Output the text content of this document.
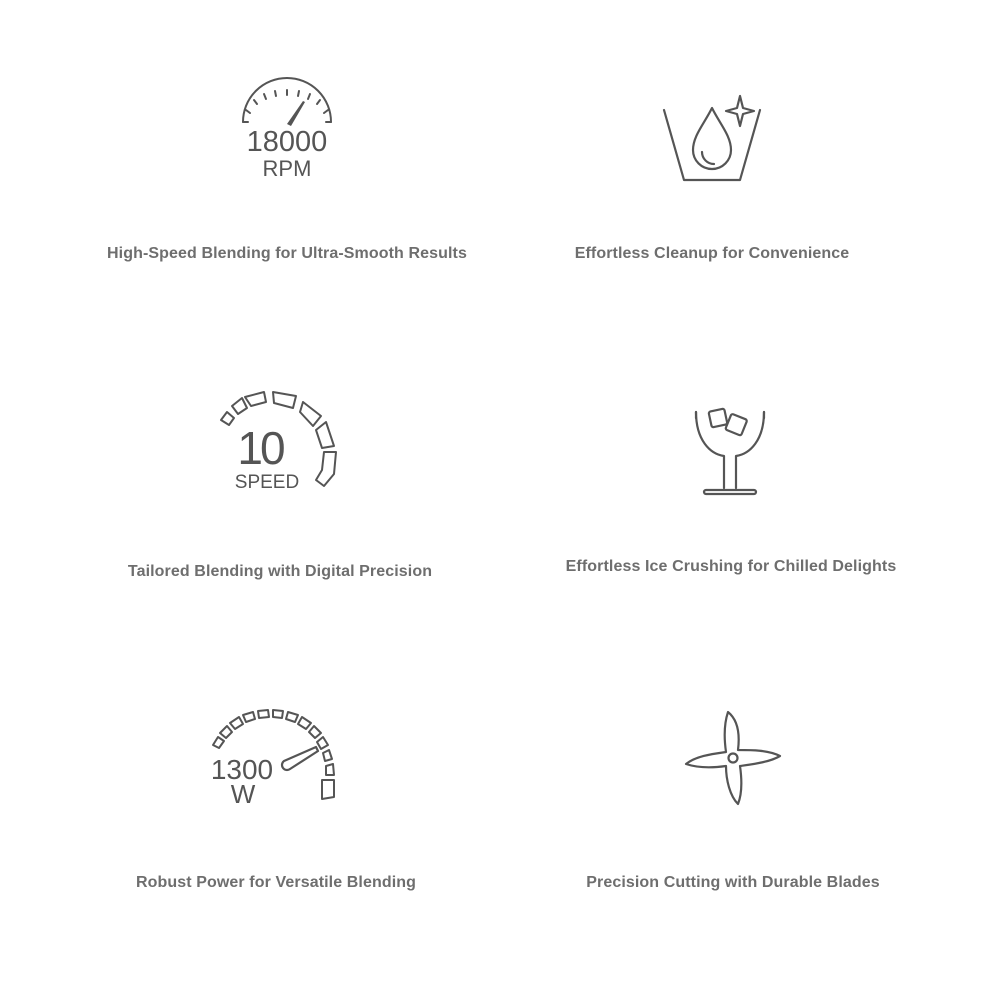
18000
RPM
High-Speed Blending for Ultra-Smooth Results	Effortless Cleanup for Convenience
10
SPEED
Tailored Blending with Digital Precision	Effortless Ice Crushing for Chilled Delights
1300
W
Robust Power for Versatile Blending	Precision Cutting with Durable Blades
